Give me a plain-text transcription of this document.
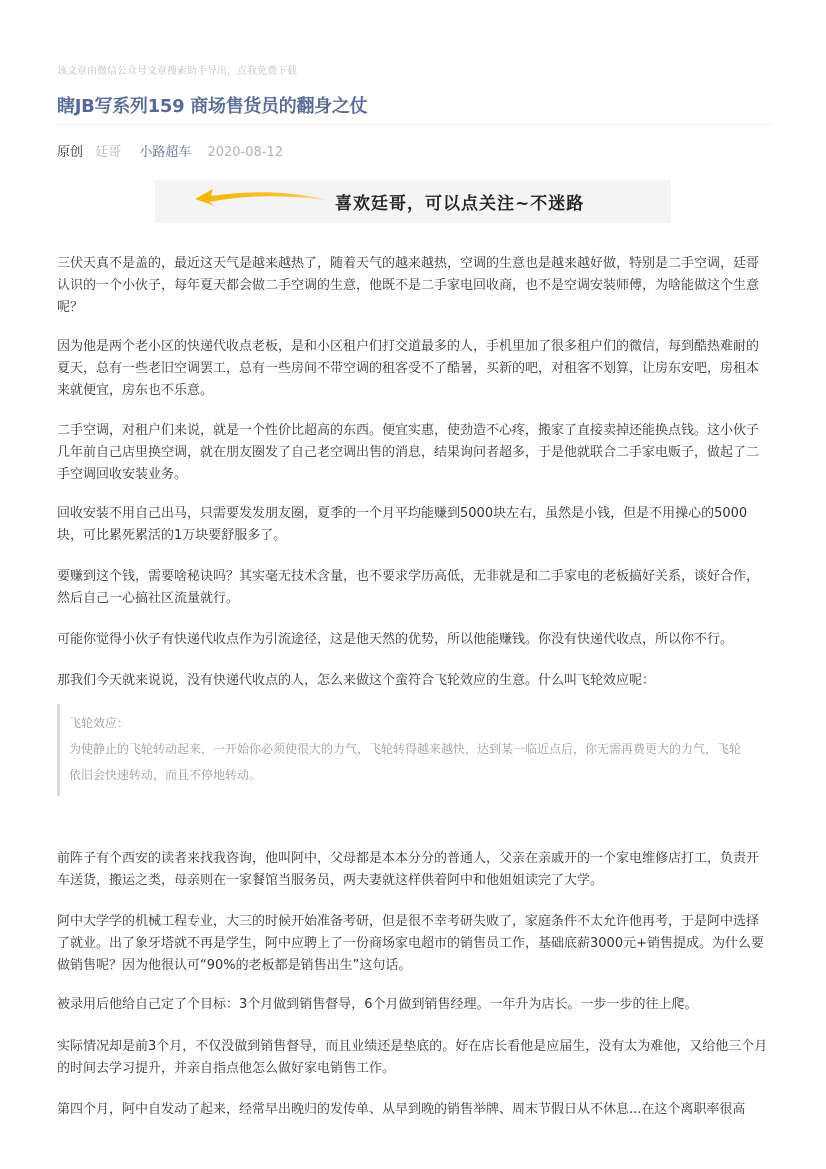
该文章由微信公众号文章搜索助手导出，点我免费下载
瞎JB写系列159 商场售货员的翻身之仗
原创 廷哥 小路超车 2020-08-12
喜欢廷哥，可以点关注~不迷路

三伏天真不是盖的，最近这天气是越来越热了，随着天气的越来越热，空调的生意也是越来越好做，特别是二手空调，廷哥认识的一个小伙子，每年夏天都会做二手空调的生意，他既不是二手家电回收商，也不是空调安装师傅，为啥能做这个生意呢？

因为他是两个老小区的快递代收点老板，是和小区租户们打交道最多的人，手机里加了很多租户们的微信，每到酷热难耐的夏天，总有一些老旧空调罢工，总有一些房间不带空调的租客受不了酷暑，买新的吧，对租客不划算，让房东安吧，房租本来就便宜，房东也不乐意。

二手空调，对租户们来说，就是一个性价比超高的东西。便宜实惠，使劲造不心疼，搬家了直接卖掉还能换点钱。这小伙子几年前自己店里换空调，就在朋友圈发了自己老空调出售的消息，结果询问者超多，于是他就联合二手家电贩子，做起了二手空调回收安装业务。

回收安装不用自己出马，只需要发发朋友圈，夏季的一个月平均能赚到5000块左右，虽然是小钱，但是不用操心的5000块，可比累死累活的1万块要舒服多了。

要赚到这个钱，需要啥秘诀吗？其实毫无技术含量，也不要求学历高低，无非就是和二手家电的老板搞好关系，谈好合作，然后自己一心搞社区流量就行。

可能你觉得小伙子有快递代收点作为引流途径，这是他天然的优势，所以他能赚钱。你没有快递代收点，所以你不行。

那我们今天就来说说，没有快递代收点的人，怎么来做这个蛮符合飞轮效应的生意。什么叫飞轮效应呢：

飞轮效应：
为使静止的飞轮转动起来，一开始你必须使很大的力气，飞轮转得越来越快，达到某一临近点后，你无需再费更大的力气，飞轮
依旧会快速转动，而且不停地转动。

前阵子有个西安的读者来找我咨询，他叫阿中，父母都是本本分分的普通人，父亲在亲戚开的一个家电维修店打工，负责开车送货，搬运之类，母亲则在一家餐馆当服务员，两夫妻就这样供着阿中和他姐姐读完了大学。

阿中大学学的机械工程专业，大三的时候开始准备考研，但是很不幸考研失败了，家庭条件不太允许他再考，于是阿中选择了就业。出了象牙塔就不再是学生，阿中应聘上了一份商场家电超市的销售员工作，基础底薪3000元+销售提成。为什么要做销售呢？因为他很认可“90%的老板都是销售出生”这句话。

被录用后他给自己定了个目标：3个月做到销售督导，6个月做到销售经理。一年升为店长。一步一步的往上爬。

实际情况却是前3个月，不仅没做到销售督导，而且业绩还是垫底的。好在店长看他是应届生，没有太为难他，又给他三个月的时间去学习提升，并亲自指点他怎么做好家电销售工作。

第四个月，阿中自发动了起来，经常早出晚归的发传单、从早到晚的销售举牌、周末节假日从不休息...在这个离职率很高
